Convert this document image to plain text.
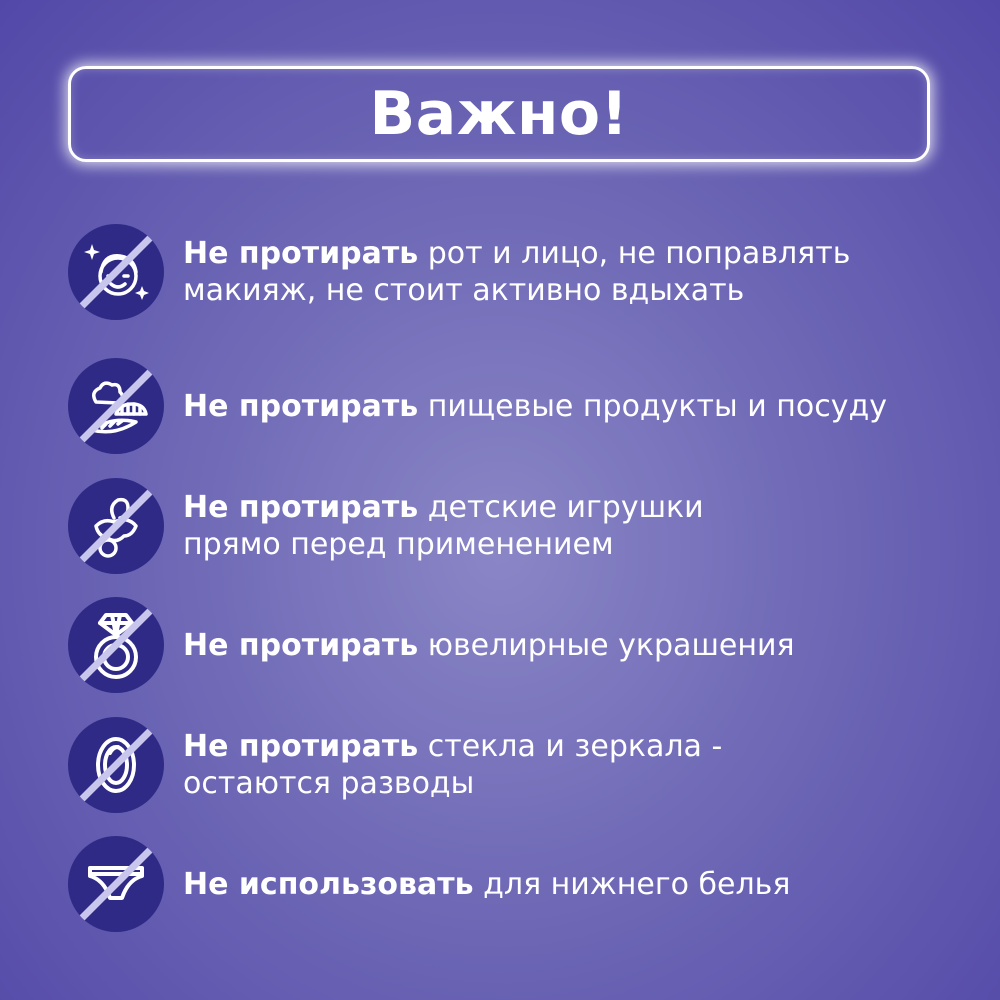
Важно!
Не протирать рот и лицо, не поправлять
макияж, не стоит активно вдыхать
Не протирать пищевые продукты и посуду
Не протирать детские игрушки
прямо перед применением
Не протирать ювелирные украшения
Не протирать стекла и зеркала -
остаются разводы
Не использовать для нижнего белья
